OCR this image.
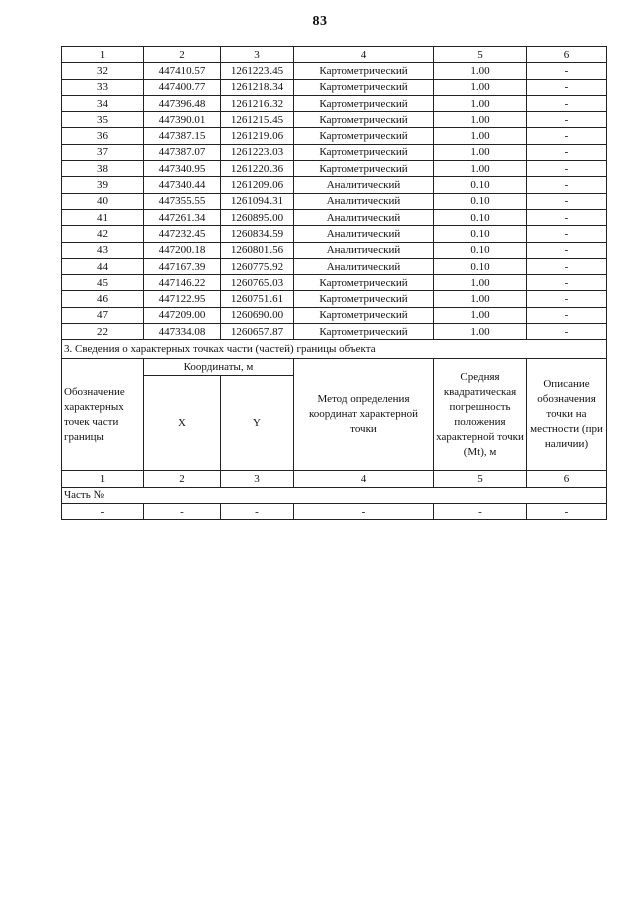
83
1	2	3	4	5	6
32	447410.57	1261223.45	Картометрический	1.00	-
33	447400.77	1261218.34	Картометрический	1.00	-
34	447396.48	1261216.32	Картометрический	1.00	-
35	447390.01	1261215.45	Картометрический	1.00	-
36	447387.15	1261219.06	Картометрический	1.00	-
37	447387.07	1261223.03	Картометрический	1.00	-
38	447340.95	1261220.36	Картометрический	1.00	-
39	447340.44	1261209.06	Аналитический	0.10	-
40	447355.55	1261094.31	Аналитический	0.10	-
41	447261.34	1260895.00	Аналитический	0.10	-
42	447232.45	1260834.59	Аналитический	0.10	-
43	447200.18	1260801.56	Аналитический	0.10	-
44	447167.39	1260775.92	Аналитический	0.10	-
45	447146.22	1260765.03	Картометрический	1.00	-
46	447122.95	1260751.61	Картометрический	1.00	-
47	447209.00	1260690.00	Картометрический	1.00	-
22	447334.08	1260657.87	Картометрический	1.00	-
3. Сведения о характерных точках части (частей) границы объекта					
Обозначение характерных точек части границы	Координаты, м		Метод определения координат характерной точки	Средняя квадратическая погрешность положения характерной точки (Mt), м	Описание обозначения точки на местности (при наличии)
	X	Y			
1	2	3	4	5	6
Часть №					
-	-	-	-	-	-
